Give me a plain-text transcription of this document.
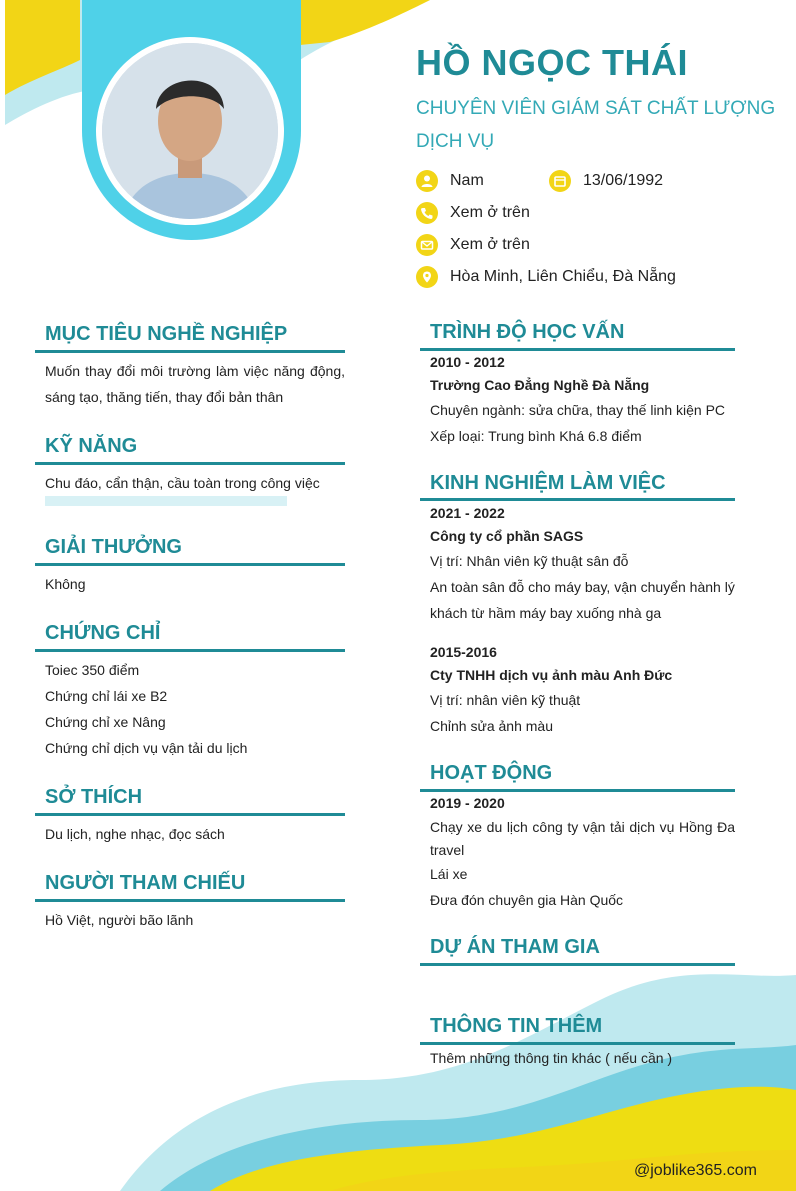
HỒ NGỌC THÁI
CHUYÊN VIÊN GIÁM SÁT CHẤT LƯỢNG DỊCH VỤ
Nam	13/06/1992
Xem ở trên
Xem ở trên
Hòa Minh, Liên Chiểu, Đà Nẵng
MỤC TIÊU NGHỀ NGHIỆP
Muốn thay đổi môi trường làm việc năng động, sáng tạo, thăng tiến, thay đổi bản thân
KỸ NĂNG
Chu đáo, cẩn thận, cầu toàn trong công việc
GIẢI THƯỞNG
Không
CHỨNG CHỈ
Toiec 350 điểm
Chứng chỉ lái xe B2
Chứng chỉ xe Nâng
Chứng chỉ dịch vụ vận tải du lịch
SỞ THÍCH
Du lịch, nghe nhạc, đọc sách
NGƯỜI THAM CHIẾU
Hồ Việt, người bão lãnh
TRÌNH ĐỘ HỌC VẤN
2010 - 2012
Trường Cao Đẳng Nghề Đà Nẵng
Chuyên ngành: sửa chữa, thay thế linh kiện PC
Xếp loại: Trung bình Khá 6.8 điểm
KINH NGHIỆM LÀM VIỆC
2021 - 2022
Công ty cổ phần SAGS
Vị trí: Nhân viên kỹ thuật sân đỗ
An toàn sân đỗ cho máy bay, vận chuyển hành lý khách từ hầm máy bay xuống nhà ga
2015-2016
Cty TNHH dịch vụ ảnh màu Anh Đức
Vị trí: nhân viên kỹ thuật
Chỉnh sửa ảnh màu
HOẠT ĐỘNG
2019 - 2020
Chạy xe du lịch công ty vận tải dịch vụ Hồng Đa travel
Lái xe
Đưa đón chuyên gia Hàn Quốc
DỰ ÁN THAM GIA
THÔNG TIN THÊM
Thêm những thông tin khác ( nếu cần )
@joblike365.com
